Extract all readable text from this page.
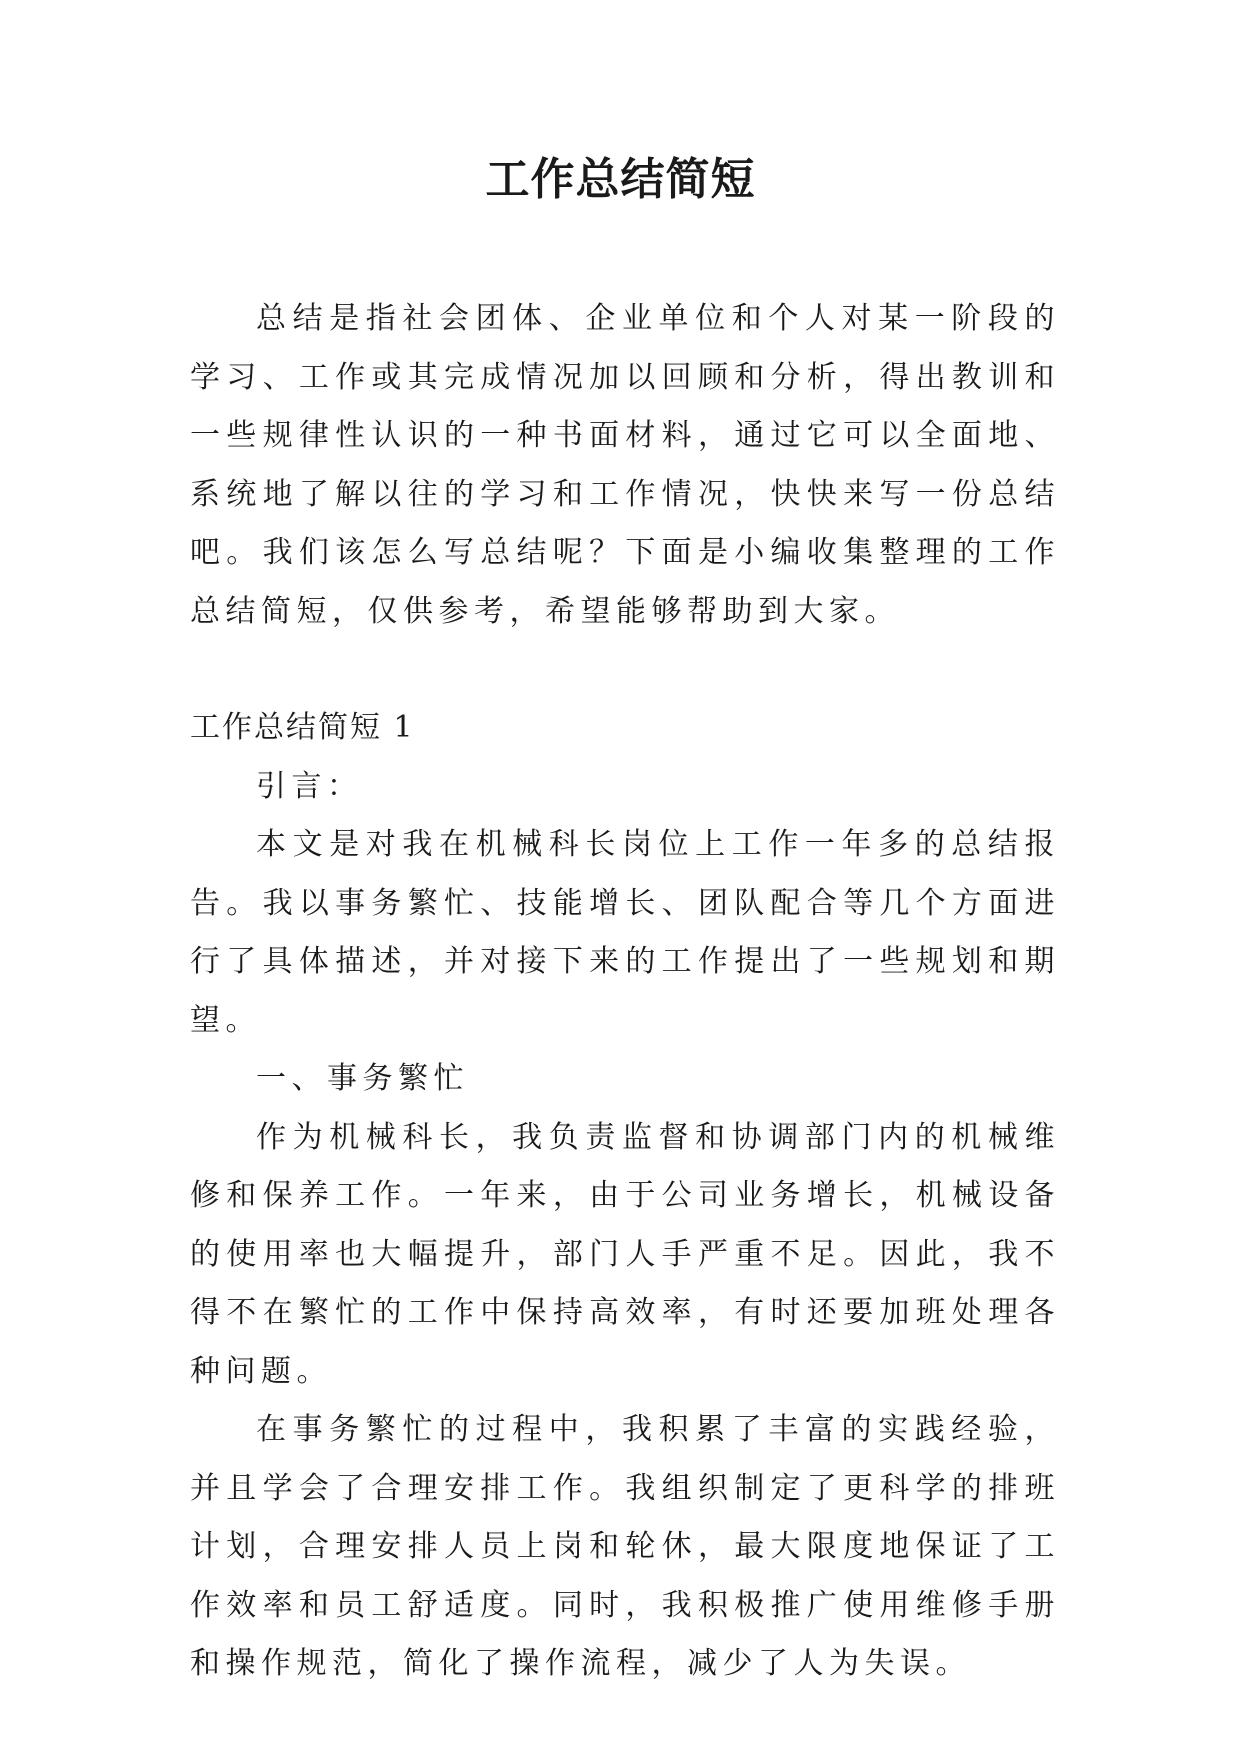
工作总结简短

总结是指社会团体、企业单位和个人对某一阶段的学习、工作或其完成情况加以回顾和分析，得出教训和一些规律性认识的一种书面材料，通过它可以全面地、系统地了解以往的学习和工作情况，快快来写一份总结吧。我们该怎么写总结呢？下面是小编收集整理的工作总结简短，仅供参考，希望能够帮助到大家。

工作总结简短 1

引言：

本文是对我在机械科长岗位上工作一年多的总结报告。我以事务繁忙、技能增长、团队配合等几个方面进行了具体描述，并对接下来的工作提出了一些规划和期望。

一、事务繁忙

作为机械科长，我负责监督和协调部门内的机械维修和保养工作。一年来，由于公司业务增长，机械设备的使用率也大幅提升，部门人手严重不足。因此，我不得不在繁忙的工作中保持高效率，有时还要加班处理各种问题。

在事务繁忙的过程中，我积累了丰富的实践经验，并且学会了合理安排工作。我组织制定了更科学的排班计划，合理安排人员上岗和轮休，最大限度地保证了工作效率和员工舒适度。同时，我积极推广使用维修手册和操作规范，简化了操作流程，减少了人为失误。
